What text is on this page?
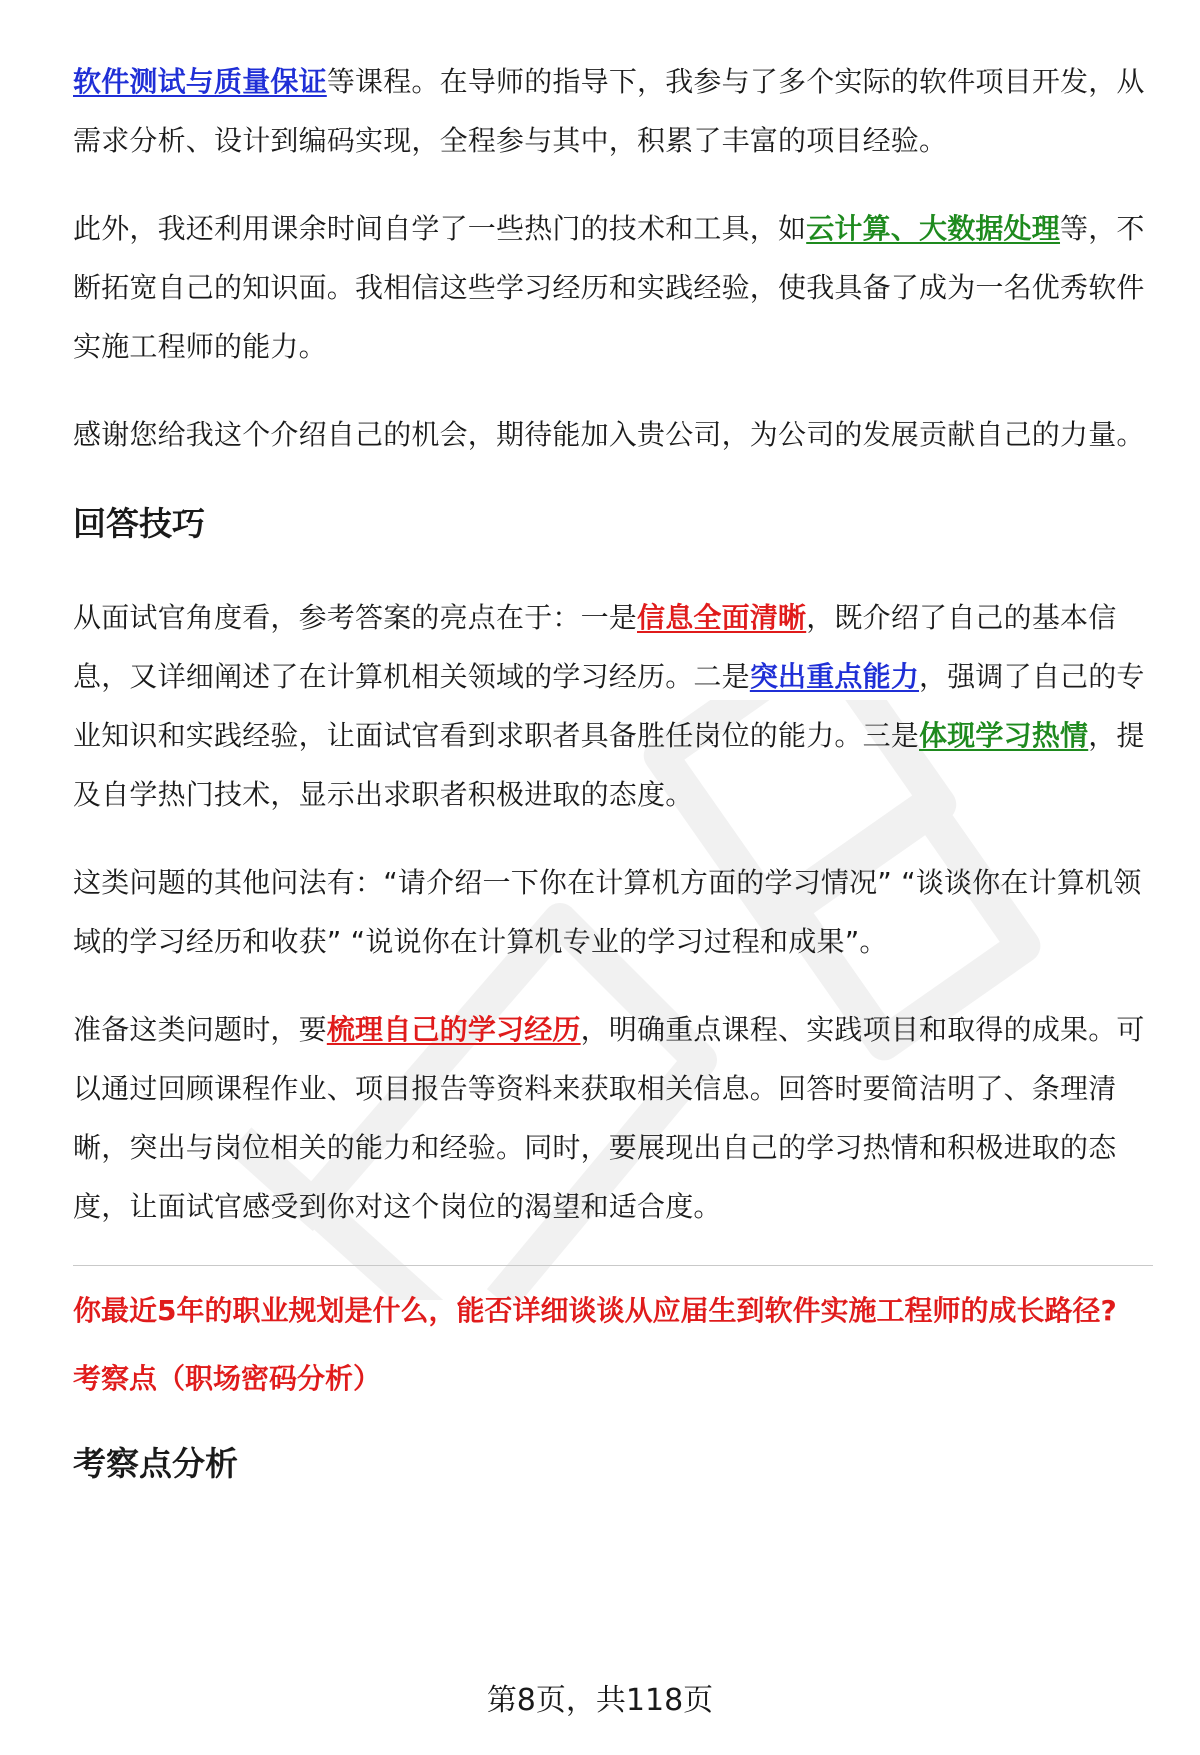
软件测试与质量保证等课程。在导师的指导下，我参与了多个实际的软件项目开发，从需求分析、设计到编码实现，全程参与其中，积累了丰富的项目经验。

此外，我还利用课余时间自学了一些热门的技术和工具，如云计算、大数据处理等，不断拓宽自己的知识面。我相信这些学习经历和实践经验，使我具备了成为一名优秀软件实施工程师的能力。

感谢您给我这个介绍自己的机会，期待能加入贵公司，为公司的发展贡献自己的力量。

回答技巧

从面试官角度看，参考答案的亮点在于：一是信息全面清晰，既介绍了自己的基本信息，又详细阐述了在计算机相关领域的学习经历。二是突出重点能力，强调了自己的专业知识和实践经验，让面试官看到求职者具备胜任岗位的能力。三是体现学习热情，提及自学热门技术，显示出求职者积极进取的态度。

这类问题的其他问法有：“请介绍一下你在计算机方面的学习情况” “谈谈你在计算机领域的学习经历和收获” “说说你在计算机专业的学习过程和成果”。

准备这类问题时，要梳理自己的学习经历，明确重点课程、实践项目和取得的成果。可以通过回顾课程作业、项目报告等资料来获取相关信息。回答时要简洁明了、条理清晰，突出与岗位相关的能力和经验。同时，要展现出自己的学习热情和积极进取的态度，让面试官感受到你对这个岗位的渴望和适合度。

你最近5年的职业规划是什么，能否详细谈谈从应届生到软件实施工程师的成长路径?
考察点（职场密码分析）
考察点分析
第8页，共118页
